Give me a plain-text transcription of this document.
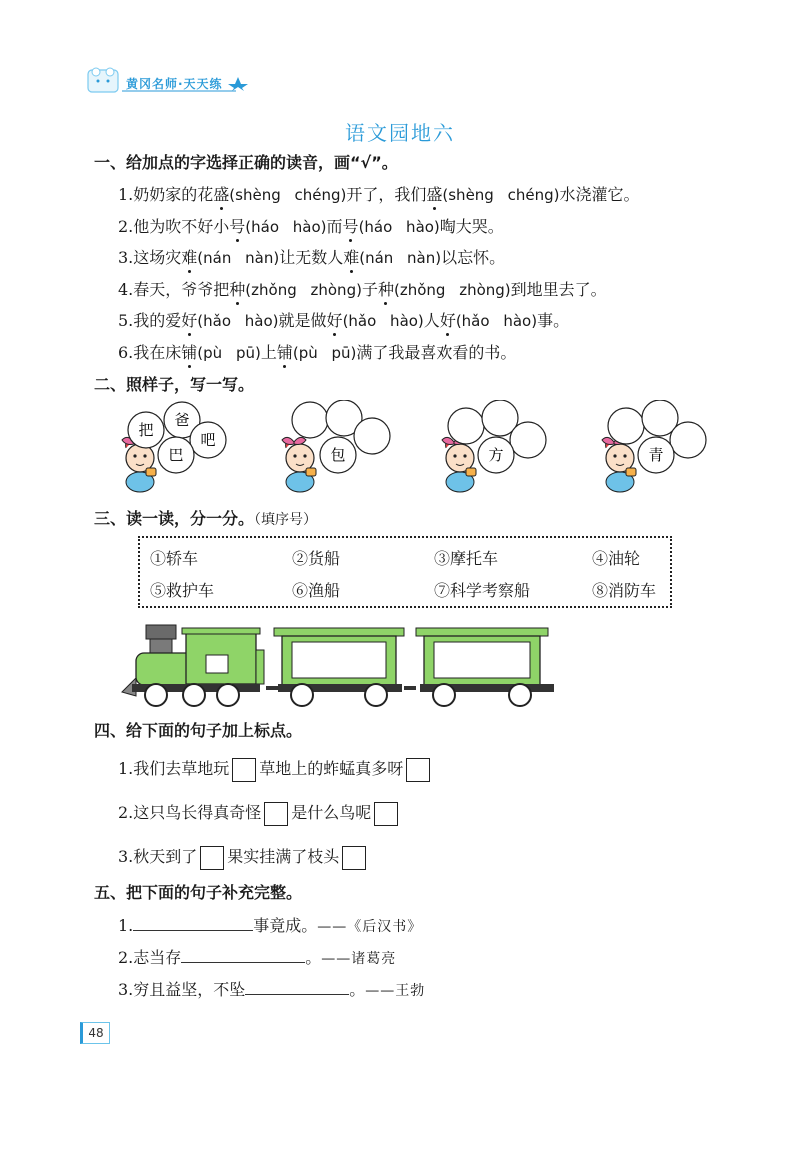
黄冈名师·天天练
语文园地六
一、给加点的字选择正确的读音，画“√”。
1.奶奶家的花盛(shèng chéng)开了，我们盛(shèng chéng)水浇灌它。
2.他为吹不好小号(háo hào)而号(háo hào)啕大哭。
3.这场灾难(nán nàn)让无数人难(nán nàn)以忘怀。
4.春天，爷爷把种(zhǒng zhòng)子种(zhǒng zhòng)到地里去了。
5.我的爱好(hǎo hào)就是做好(hǎo hào)人好(hǎo hào)事。
6.我在床铺(pù pū)上铺(pù pū)满了我最喜欢看的书。
二、照样子，写一写。
把
爸
吧
巴	包	方	青
三、读一读，分一分。（填序号）
①轿车	②货船	③摩托车	④油轮
⑤救护车	⑥渔船	⑦科学考察船	⑧消防车
四、给下面的句子加上标点。
1.我们去草地玩 草地上的蚱蜢真多呀
2.这只鸟长得真奇怪 是什么鸟呢
3.秋天到了 果实挂满了枝头
五、把下面的句子补充完整。
1.	事竟成。——《后汉书》
2.志当存	。——诸葛亮
3.穷且益坚，不坠	。——王勃
48
